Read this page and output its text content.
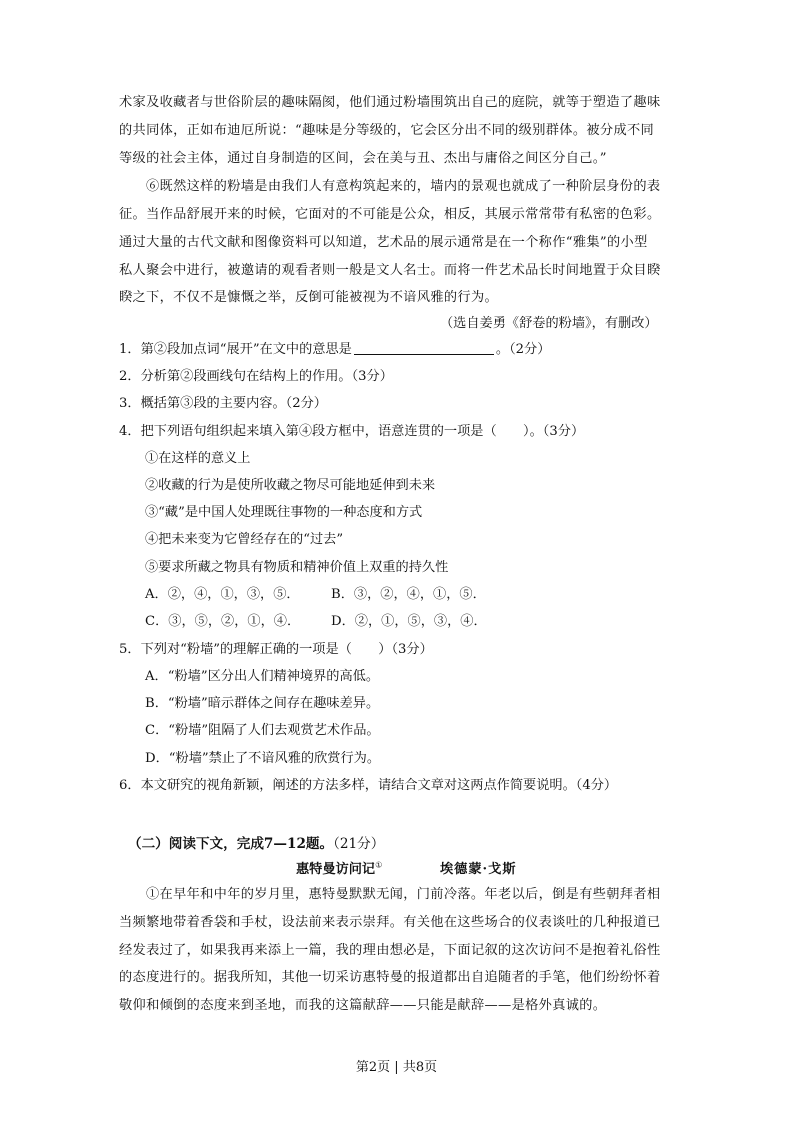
术家及收藏者与世俗阶层的趣味隔阂，他们通过粉墙围筑出自己的庭院，就等于塑造了趣味
的共同体，正如布迪厄所说：“趣味是分等级的，它会区分出不同的级别群体。被分成不同
等级的社会主体，通过自身制造的区间，会在美与丑、杰出与庸俗之间区分自己。”
⑥既然这样的粉墙是由我们人有意构筑起来的，墙内的景观也就成了一种阶层身份的表
征。当作品舒展开来的时候，它面对的不可能是公众，相反，其展示常常带有私密的色彩。
通过大量的古代文献和图像资料可以知道，艺术品的展示通常是在一个称作“雅集”的小型
私人聚会中进行，被邀请的观看者则一般是文人名士。而将一件艺术品长时间地置于众目睽
睽之下，不仅不是慷慨之举，反倒可能被视为不谙风雅的行为。
（选自姜勇《舒卷的粉墙》，有删改）
1．第②段加点词“展开”在文中的意思是	。（2分）
2．分析第②段画线句在结构上的作用。（3分）
3．概括第③段的主要内容。（2分）
4．把下列语句组织起来填入第④段方框中，语意连贯的一项是（　　）。（3分）
①在这样的意义上
②收藏的行为是使所收藏之物尽可能地延伸到未来
③“藏”是中国人处理既往事物的一种态度和方式
④把未来变为它曾经存在的“过去”
⑤要求所藏之物具有物质和精神价值上双重的持久性
A．②，④，①，③，⑤． B．③，②，④，①，⑤．
C．③，⑤，②，①，④． D．②，①，⑤，③，④．
5．下列对“粉墙”的理解正确的一项是（　　）（3分）
A．“粉墙”区分出人们精神境界的高低。
B．“粉墙”暗示群体之间存在趣味差异。
C．“粉墙”阻隔了人们去观赏艺术作品。
D．“粉墙”禁止了不谙风雅的欣赏行为。
6．本文研究的视角新颖，阐述的方法多样，请结合文章对这两点作简要说明。（4分）
（二）阅读下文，完成7—12题。（21分）
惠特曼访问记①	埃德蒙·戈斯
①在早年和中年的岁月里，惠特曼默默无闻，门前冷落。年老以后，倒是有些朝拜者相
当频繁地带着香袋和手杖，设法前来表示崇拜。有关他在这些场合的仪表谈吐的几种报道已
经发表过了，如果我再来添上一篇，我的理由想必是，下面记叙的这次访问不是抱着礼俗性
的态度进行的。据我所知，其他一切采访惠特曼的报道都出自追随者的手笔，他们纷纷怀着
敬仰和倾倒的态度来到圣地，而我的这篇献辞——只能是献辞——是格外真诚的。
第2页 | 共8页
